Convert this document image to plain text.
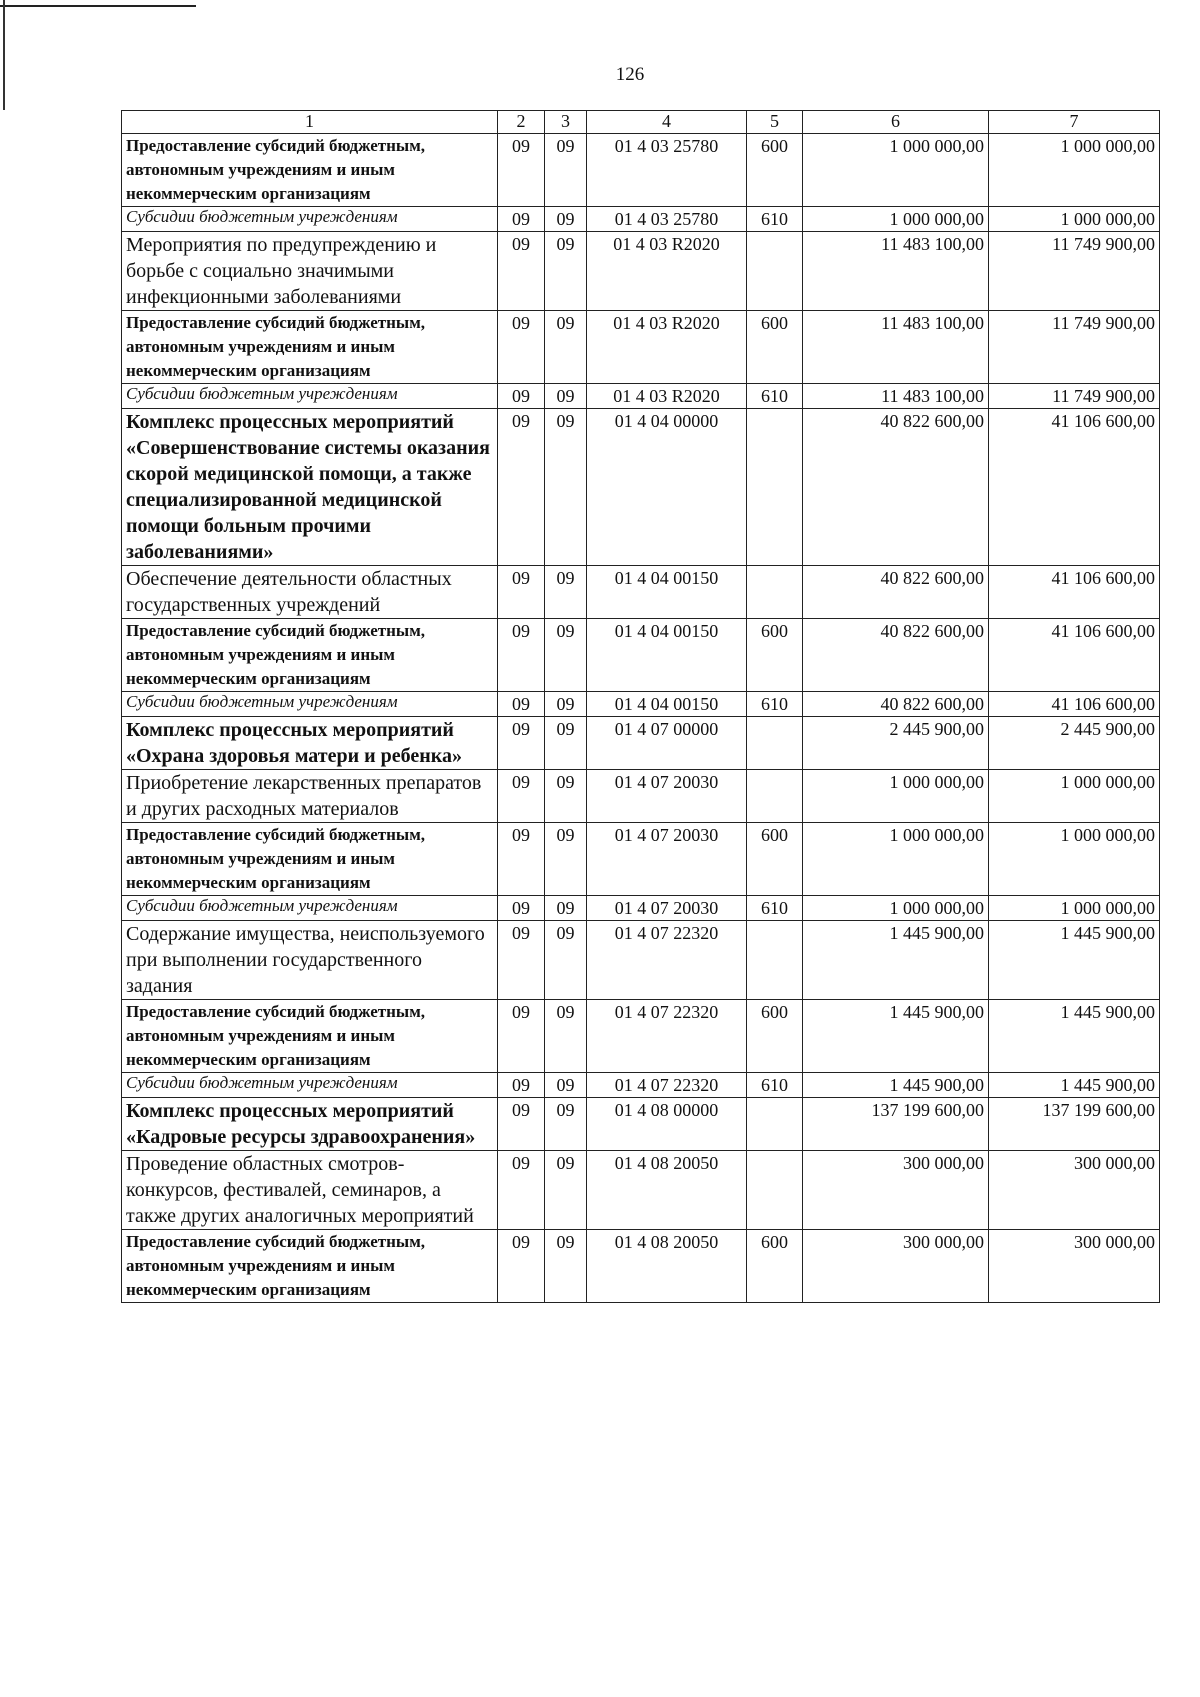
126
1	2	3	4	5	6	7

Предоставление субсидий бюджетным, автономным учреждениям и иным некоммерческим организациям	09	09	01 4 03 25780	600	1 000 000,00	1 000 000,00

Субсидии бюджетным учреждениям	09	09	01 4 03 25780	610	1 000 000,00	1 000 000,00

Мероприятия по предупреждению и борьбе с социально значимыми инфекционными заболеваниями	09	09	01 4 03 R2020		11 483 100,00	11 749 900,00

Предоставление субсидий бюджетным, автономным учреждениям и иным некоммерческим организациям	09	09	01 4 03 R2020	600	11 483 100,00	11 749 900,00

Субсидии бюджетным учреждениям	09	09	01 4 03 R2020	610	11 483 100,00	11 749 900,00

Комплекс процессных мероприятий «Совершенствование системы оказания скорой медицинской помощи, а также специализированной медицинской помощи больным прочими заболеваниями»	09	09	01 4 04 00000		40 822 600,00	41 106 600,00

Обеспечение деятельности областных государственных учреждений	09	09	01 4 04 00150		40 822 600,00	41 106 600,00

Предоставление субсидий бюджетным, автономным учреждениям и иным некоммерческим организациям	09	09	01 4 04 00150	600	40 822 600,00	41 106 600,00

Субсидии бюджетным учреждениям	09	09	01 4 04 00150	610	40 822 600,00	41 106 600,00

Комплекс процессных мероприятий «Охрана здоровья матери и ребенка»	09	09	01 4 07 00000		2 445 900,00	2 445 900,00

Приобретение лекарственных препаратов и других расходных материалов	09	09	01 4 07 20030		1 000 000,00	1 000 000,00

Предоставление субсидий бюджетным, автономным учреждениям и иным некоммерческим организациям	09	09	01 4 07 20030	600	1 000 000,00	1 000 000,00

Субсидии бюджетным учреждениям	09	09	01 4 07 20030	610	1 000 000,00	1 000 000,00

Содержание имущества, неиспользуемого при выполнении государственного задания	09	09	01 4 07 22320		1 445 900,00	1 445 900,00

Предоставление субсидий бюджетным, автономным учреждениям и иным некоммерческим организациям	09	09	01 4 07 22320	600	1 445 900,00	1 445 900,00

Субсидии бюджетным учреждениям	09	09	01 4 07 22320	610	1 445 900,00	1 445 900,00

Комплекс процессных мероприятий «Кадровые ресурсы здравоохранения»	09	09	01 4 08 00000		137 199 600,00	137 199 600,00

Проведение областных смотров-конкурсов, фестивалей, семинаров, а также других аналогичных мероприятий	09	09	01 4 08 20050		300 000,00	300 000,00

Предоставление субсидий бюджетным, автономным учреждениям и иным некоммерческим организациям	09	09	01 4 08 20050	600	300 000,00	300 000,00
